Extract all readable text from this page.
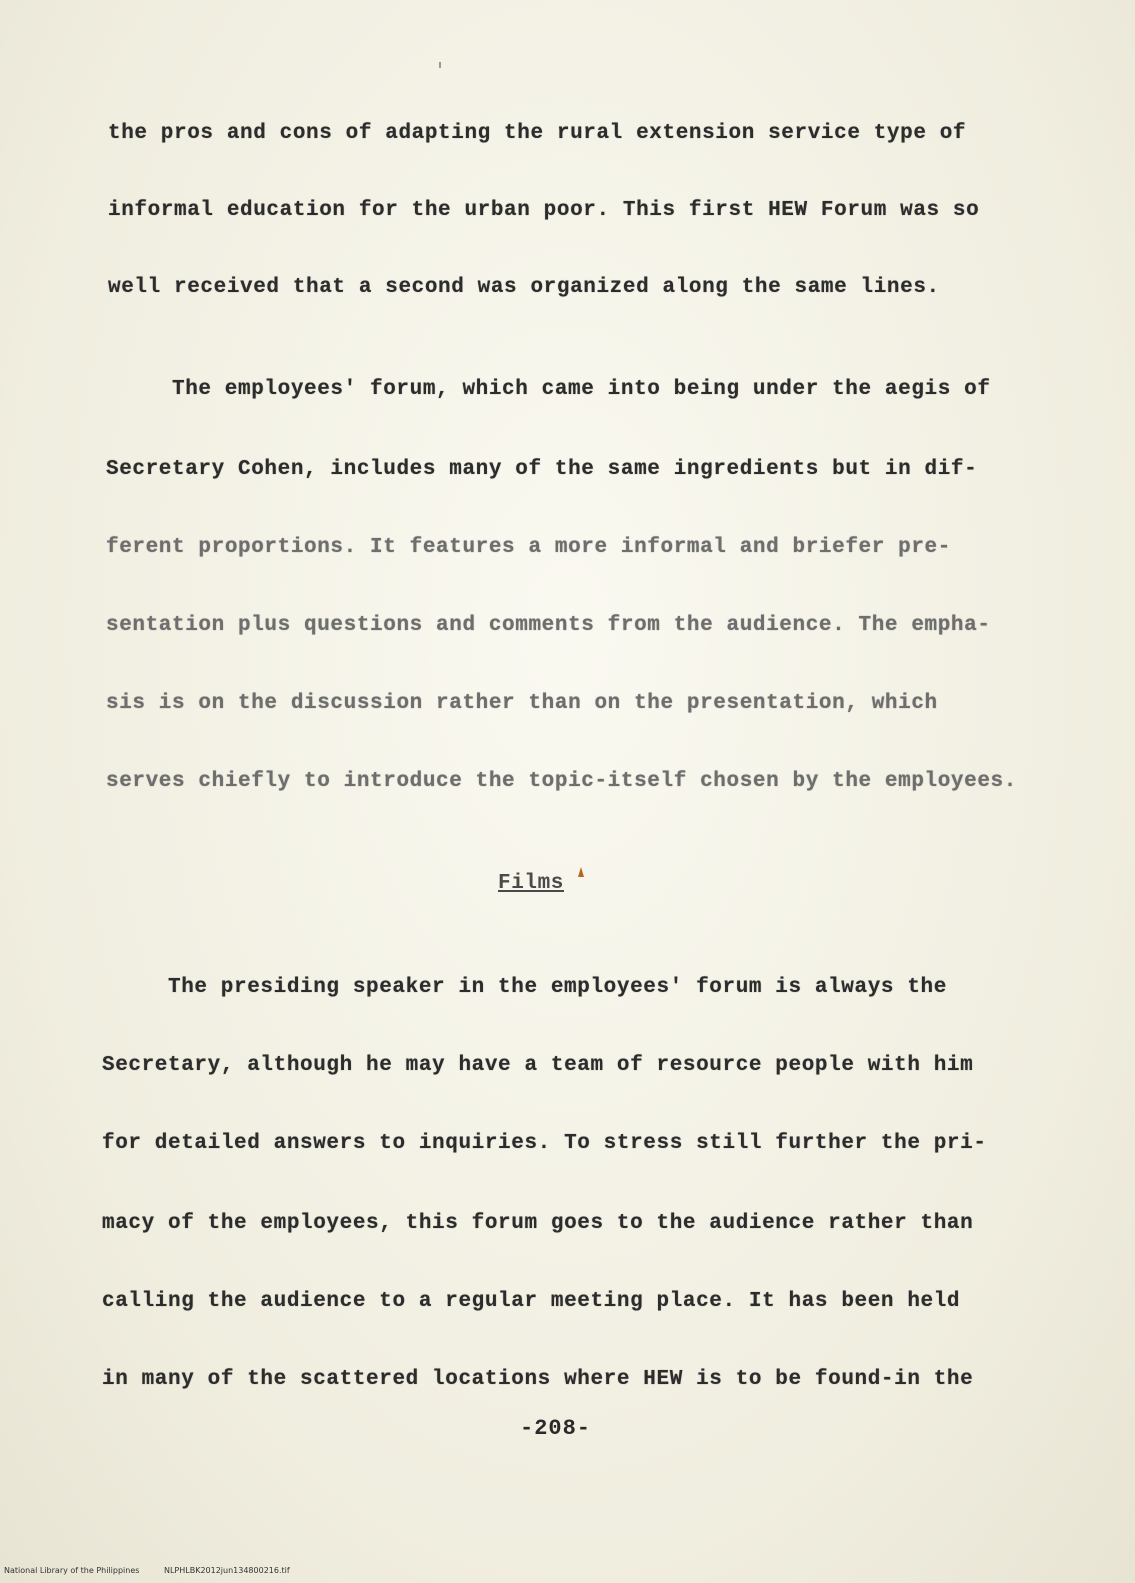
the pros and cons of adapting the rural extension service type of
informal education for the urban poor. This first HEW Forum was so
well received that a second was organized along the same lines.
The employees' forum, which came into being under the aegis of
Secretary Cohen, includes many of the same ingredients but in dif-
ferent proportions. It features a more informal and briefer pre-
sentation plus questions and comments from the audience. The empha-
sis is on the discussion rather than on the presentation, which
serves chiefly to introduce the topic-itself chosen by the employees.
Films
The presiding speaker in the employees' forum is always the
Secretary, although he may have a team of resource people with him
for detailed answers to inquiries. To stress still further the pri-
macy of the employees, this forum goes to the audience rather than
calling the audience to a regular meeting place. It has been held
in many of the scattered locations where HEW is to be found-in the
-208-
National Library of the Philippines	NLPHLBK2012jun134800216.tif
